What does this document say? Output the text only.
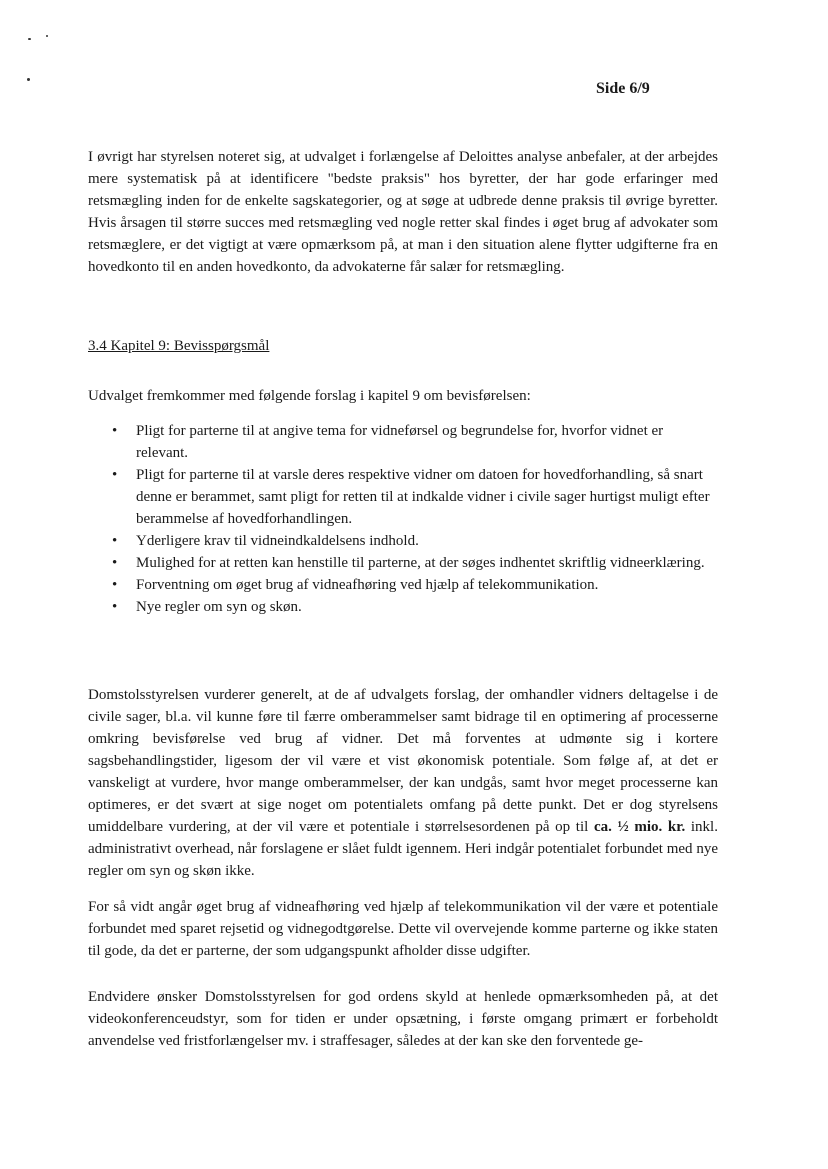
Side 6/9

I øvrigt har styrelsen noteret sig, at udvalget i forlængelse af Deloittes analyse anbefaler, at der arbejdes mere systematisk på at identificere "bedste praksis" hos byretter, der har gode erfaringer med retsmægling inden for de enkelte sagskategorier, og at søge at udbrede denne praksis til øvrige byretter. Hvis årsagen til større succes med retsmægling ved nogle retter skal findes i øget brug af advokater som retsmæglere, er det vigtigt at være opmærksom på, at man i den situation alene flytter udgifterne fra en hovedkonto til en anden hovedkonto, da advokaterne får salær for retsmægling.

3.4 Kapitel 9: Bevisspørgsmål

Udvalget fremkommer med følgende forslag i kapitel 9 om bevisførelsen:

• Pligt for parterne til at angive tema for vidneførsel og begrundelse for, hvorfor vidnet er relevant.
• Pligt for parterne til at varsle deres respektive vidner om datoen for hovedforhandling, så snart denne er berammet, samt pligt for retten til at indkalde vidner i civile sager hurtigst muligt efter berammelse af hovedforhandlingen.
• Yderligere krav til vidneindkaldelsens indhold.
• Mulighed for at retten kan henstille til parterne, at der søges indhentet skriftlig vidneerklæring.
• Forventning om øget brug af vidneafhøring ved hjælp af telekommunikation.
• Nye regler om syn og skøn.

Domstolsstyrelsen vurderer generelt, at de af udvalgets forslag, der omhandler vidners deltagelse i de civile sager, bl.a. vil kunne føre til færre omberammelser samt bidrage til en optimering af processerne omkring bevisførelse ved brug af vidner. Det må forventes at udmønte sig i kortere sagsbehandlingstider, ligesom der vil være et vist økonomisk potentiale. Som følge af, at det er vanskeligt at vurdere, hvor mange omberammelser, der kan undgås, samt hvor meget processerne kan optimeres, er det svært at sige noget om potentialets omfang på dette punkt. Det er dog styrelsens umiddelbare vurdering, at der vil være et potentiale i størrelsesordenen på op til ca. ½ mio. kr. inkl. administrativt overhead, når forslagene er slået fuldt igennem. Heri indgår potentialet forbundet med nye regler om syn og skøn ikke.

For så vidt angår øget brug af vidneafhøring ved hjælp af telekommunikation vil der være et potentiale forbundet med sparet rejsetid og vidnegodtgørelse. Dette vil overvejende komme parterne og ikke staten til gode, da det er parterne, der som udgangspunkt afholder disse udgifter.

Endvidere ønsker Domstolsstyrelsen for god ordens skyld at henlede opmærksomheden på, at det videokonferenceudstyr, som for tiden er under opsætning, i første omgang primært er forbeholdt anvendelse ved fristforlængelser mv. i straffesager, således at der kan ske den forventede ge-
